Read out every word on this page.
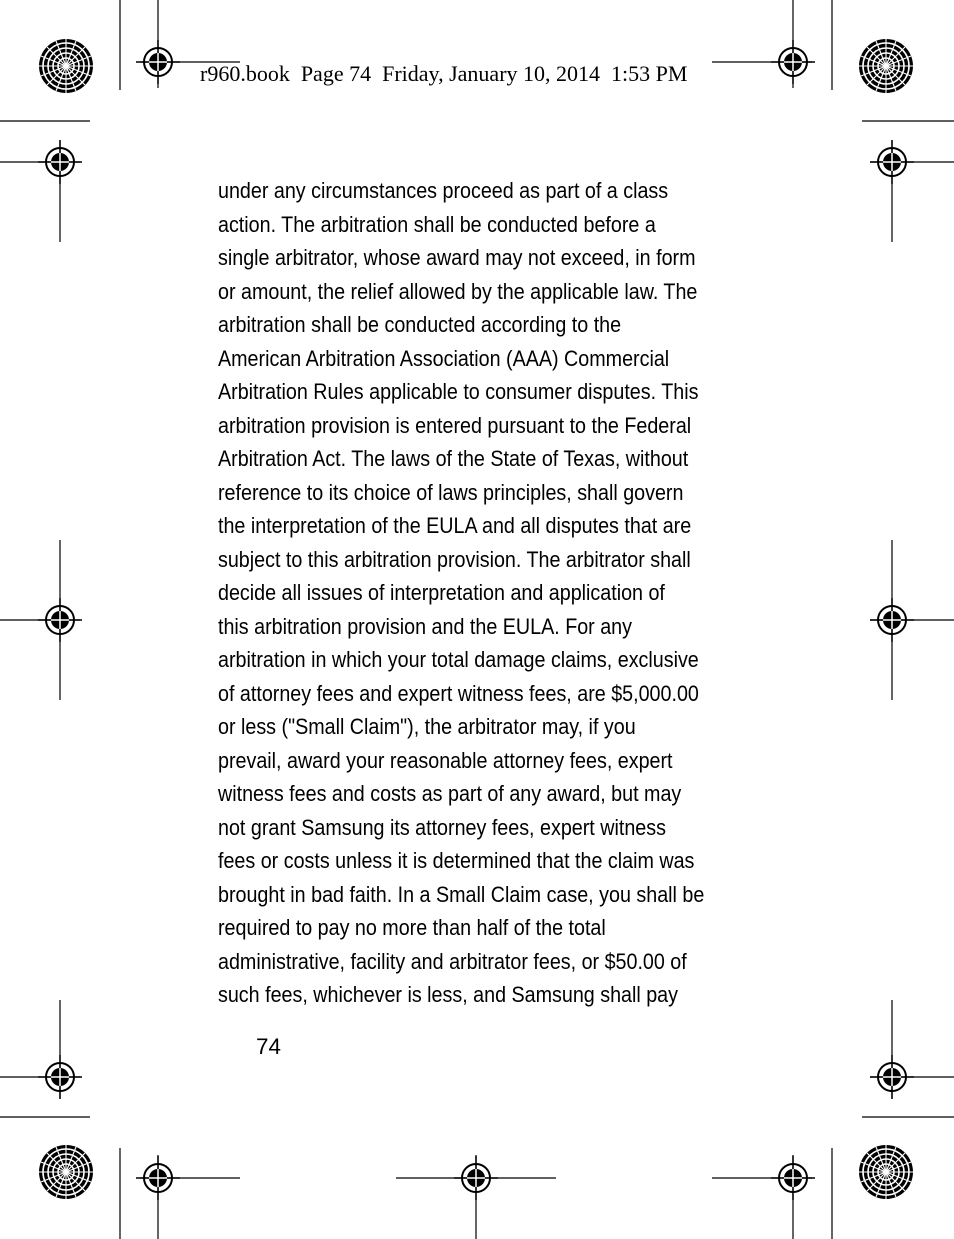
r960.book  Page 74  Friday, January 10, 2014  1:53 PM
under any circumstances proceed as part of a class
action. The arbitration shall be conducted before a
single arbitrator, whose award may not exceed, in form
or amount, the relief allowed by the applicable law. The
arbitration shall be conducted according to the
American Arbitration Association (AAA) Commercial
Arbitration Rules applicable to consumer disputes. This
arbitration provision is entered pursuant to the Federal
Arbitration Act. The laws of the State of Texas, without
reference to its choice of laws principles, shall govern
the interpretation of the EULA and all disputes that are
subject to this arbitration provision. The arbitrator shall
decide all issues of interpretation and application of
this arbitration provision and the EULA. For any
arbitration in which your total damage claims, exclusive
of attorney fees and expert witness fees, are $5,000.00
or less ("Small Claim"), the arbitrator may, if you
prevail, award your reasonable attorney fees, expert
witness fees and costs as part of any award, but may
not grant Samsung its attorney fees, expert witness
fees or costs unless it is determined that the claim was
brought in bad faith. In a Small Claim case, you shall be
required to pay no more than half of the total
administrative, facility and arbitrator fees, or $50.00 of
such fees, whichever is less, and Samsung shall pay
74
